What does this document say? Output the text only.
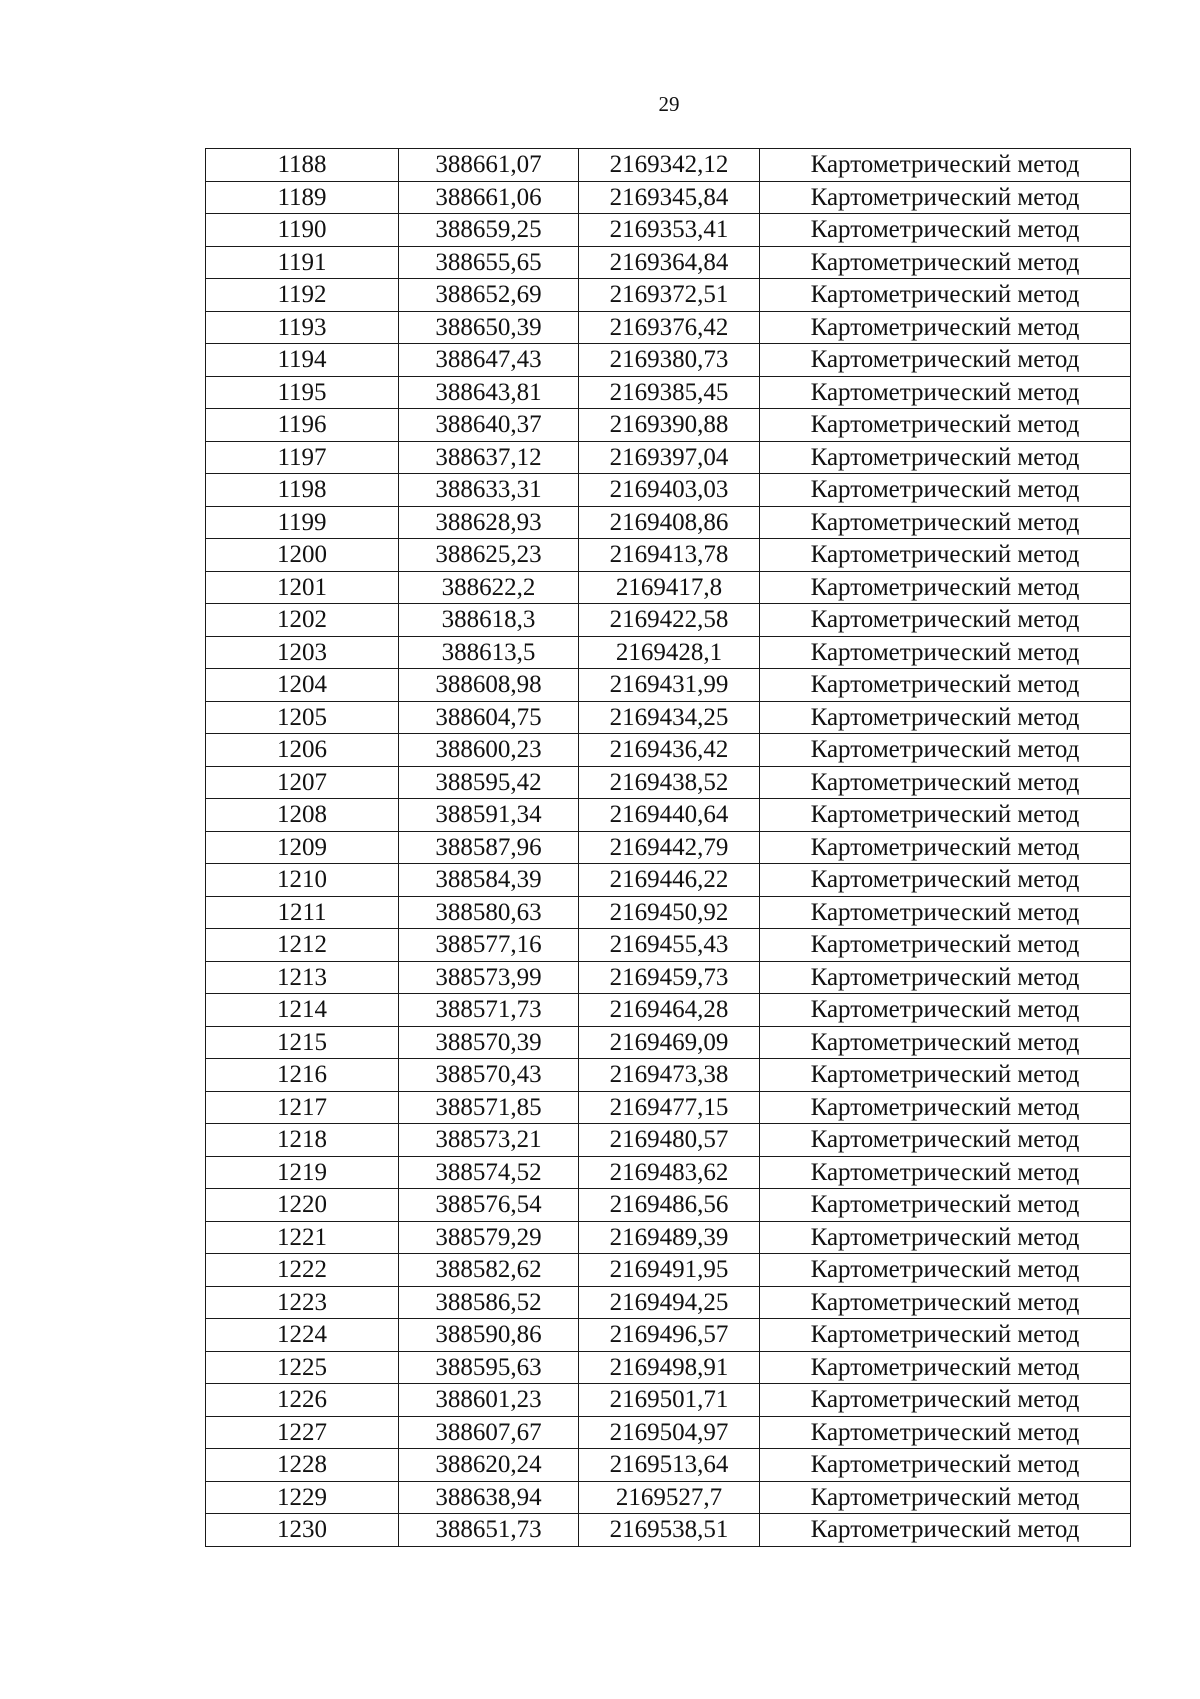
29
1188	388661,07	2169342,12	Картометрический метод
1189	388661,06	2169345,84	Картометрический метод
1190	388659,25	2169353,41	Картометрический метод
1191	388655,65	2169364,84	Картометрический метод
1192	388652,69	2169372,51	Картометрический метод
1193	388650,39	2169376,42	Картометрический метод
1194	388647,43	2169380,73	Картометрический метод
1195	388643,81	2169385,45	Картометрический метод
1196	388640,37	2169390,88	Картометрический метод
1197	388637,12	2169397,04	Картометрический метод
1198	388633,31	2169403,03	Картометрический метод
1199	388628,93	2169408,86	Картометрический метод
1200	388625,23	2169413,78	Картометрический метод
1201	388622,2	2169417,8	Картометрический метод
1202	388618,3	2169422,58	Картометрический метод
1203	388613,5	2169428,1	Картометрический метод
1204	388608,98	2169431,99	Картометрический метод
1205	388604,75	2169434,25	Картометрический метод
1206	388600,23	2169436,42	Картометрический метод
1207	388595,42	2169438,52	Картометрический метод
1208	388591,34	2169440,64	Картометрический метод
1209	388587,96	2169442,79	Картометрический метод
1210	388584,39	2169446,22	Картометрический метод
1211	388580,63	2169450,92	Картометрический метод
1212	388577,16	2169455,43	Картометрический метод
1213	388573,99	2169459,73	Картометрический метод
1214	388571,73	2169464,28	Картометрический метод
1215	388570,39	2169469,09	Картометрический метод
1216	388570,43	2169473,38	Картометрический метод
1217	388571,85	2169477,15	Картометрический метод
1218	388573,21	2169480,57	Картометрический метод
1219	388574,52	2169483,62	Картометрический метод
1220	388576,54	2169486,56	Картометрический метод
1221	388579,29	2169489,39	Картометрический метод
1222	388582,62	2169491,95	Картометрический метод
1223	388586,52	2169494,25	Картометрический метод
1224	388590,86	2169496,57	Картометрический метод
1225	388595,63	2169498,91	Картометрический метод
1226	388601,23	2169501,71	Картометрический метод
1227	388607,67	2169504,97	Картометрический метод
1228	388620,24	2169513,64	Картометрический метод
1229	388638,94	2169527,7	Картометрический метод
1230	388651,73	2169538,51	Картометрический метод
